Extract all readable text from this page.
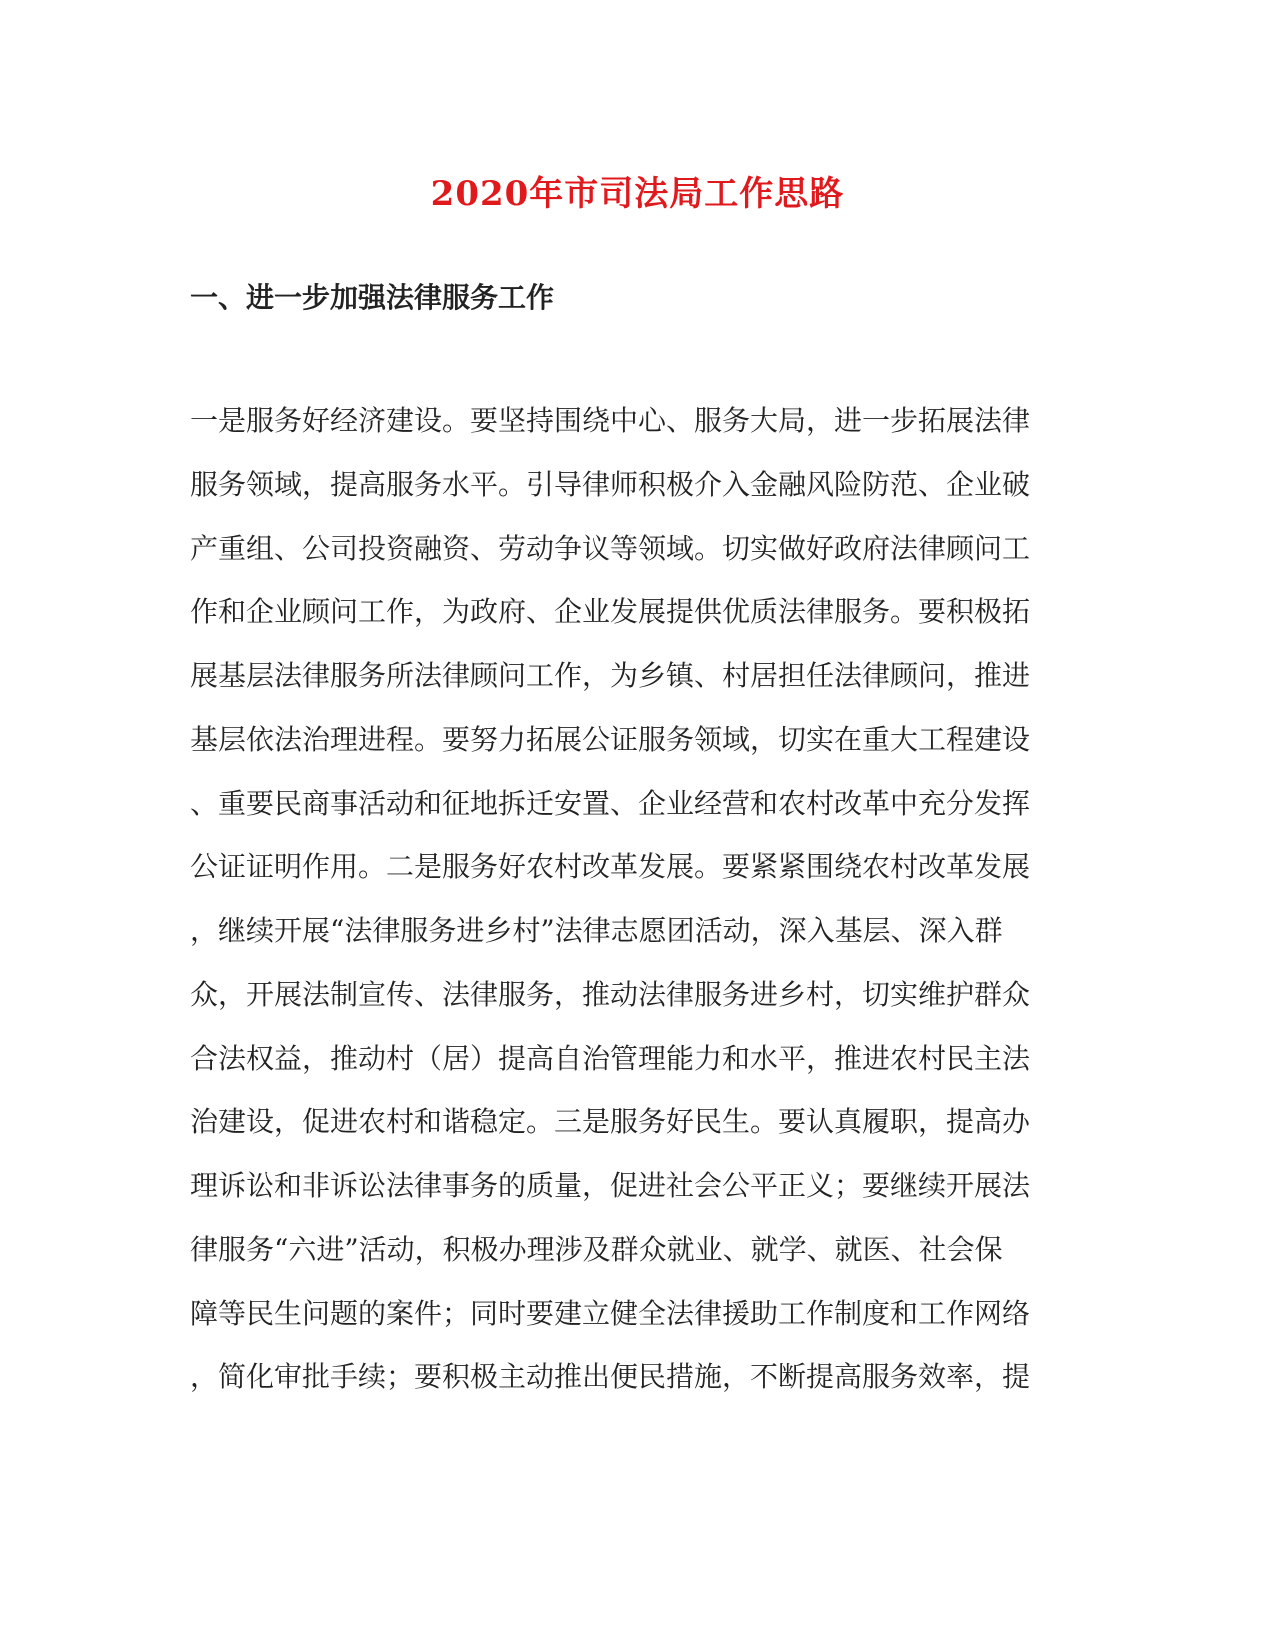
2020年市司法局工作思路
一、进一步加强法律服务工作
一是服务好经济建设。要坚持围绕中心、服务大局，进一步拓展法律
服务领域，提高服务水平。引导律师积极介入金融风险防范、企业破
产重组、公司投资融资、劳动争议等领域。切实做好政府法律顾问工
作和企业顾问工作，为政府、企业发展提供优质法律服务。要积极拓
展基层法律服务所法律顾问工作，为乡镇、村居担任法律顾问，推进
基层依法治理进程。要努力拓展公证服务领域，切实在重大工程建设
、重要民商事活动和征地拆迁安置、企业经营和农村改革中充分发挥
公证证明作用。二是服务好农村改革发展。要紧紧围绕农村改革发展
，继续开展“法律服务进乡村”法律志愿团活动，深入基层、深入群
众，开展法制宣传、法律服务，推动法律服务进乡村，切实维护群众
合法权益，推动村（居）提高自治管理能力和水平，推进农村民主法
治建设，促进农村和谐稳定。三是服务好民生。要认真履职，提高办
理诉讼和非诉讼法律事务的质量，促进社会公平正义；要继续开展法
律服务“六进”活动，积极办理涉及群众就业、就学、就医、社会保
障等民生问题的案件；同时要建立健全法律援助工作制度和工作网络
，简化审批手续；要积极主动推出便民措施，不断提高服务效率，提
